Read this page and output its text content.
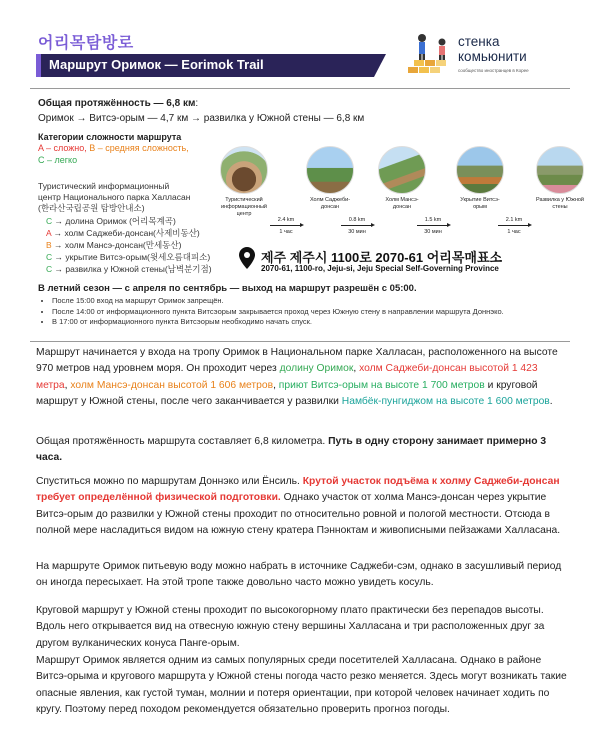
어리목탐방로
Маршрут Оримок — Eorimok Trail
стенка
комьюнити
сообщество иностранцев в Корее
Общая протяжённость — 6,8 км:
Оримок → Витсэ-орым — 4,7 км → развилка у Южной стены — 6,8 км
Категории сложности маршрута
A – сложно, B – средняя сложность,
C – легко
Туристический информационный
центр Национального парка Халласан
(한라산국립공원 탐방안내소)
C → долина Оримок (어리목계곡)
A → холм Саджеби-донсан(사제비동산)
B → холм Мансэ-донсан(만세동산)
C → укрытие Витсэ-орым(윗세오름대피소)
C → развилка у Южной стены(남벽분기점)
Туристический
информационный
центр
2.4 km
1 час
Холм Саджеби-
донсан
0.8 km
30 мин
Холм Мансэ-
донсан
1.5 km
30 мин
Укрытие Витсэ-
орым
2.1 km
1 час
Развилка у Южной
стены
제주 제주시 1100로 2070-61 어리목매표소
2070-61, 1100-ro, Jeju-si, Jeju Special Self-Governing Province
В летний сезон — с апреля по сентябрь — выход на маршрут разрешён с 05:00.
• После 15:00 вход на маршрут Оримок запрещён.
• После 14:00 от информационного пункта Витсэорым закрывается проход через Южную стену в направлении маршрута Доннэко.
• В 17:00 от информационного пункта Витсэорым необходимо начать спуск.

Маршрут начинается у входа на тропу Оримок в Национальном парке Халласан, расположенного на высоте 970 метров над уровнем моря. Он проходит через долину Оримок, холм Саджеби-донсан высотой 1 423 метра, холм Мансэ-донсан высотой 1 606 метров, приют Витсэ-орым на высоте 1 700 метров и круговой маршрут у Южной стены, после чего заканчивается у развилки Намбёк-пунгиджом на высоте 1 600 метров.

Общая протяжённость маршрута составляет 6,8 километра. Путь в одну сторону занимает примерно 3 часа.

Спуститься можно по маршрутам Доннэко или Ёнсиль. Крутой участок подъёма к холму Саджеби-донсан требует определённой физической подготовки. Однако участок от холма Мансэ-донсан через укрытие Витсэ-орым до развилки у Южной стены проходит по относительно ровной и пологой местности. Отсюда в полной мере насладиться видом на южную стену кратера Пэнноктам и живописными пейзажами Халласана.

На маршруте Оримок питьевую воду можно набрать в источнике Саджеби-сэм, однако в засушливый период он иногда пересыхает. На этой тропе также довольно часто можно увидеть косуль.

Круговой маршрут у Южной стены проходит по высокогорному плато практически без перепадов высоты. Вдоль него открывается вид на отвесную южную стену вершины Халласана и три расположенных друг за другом вулканических конуса Панге-орым.

Маршрут Оримок является одним из самых популярных среди посетителей Халласана. Однако в районе Витсэ-орыма и кругового маршрута у Южной стены погода часто резко меняется. Здесь могут возникать такие опасные явления, как густой туман, молнии и потеря ориентации, при которой человек начинает ходить по кругу. Поэтому перед походом рекомендуется обязательно проверить прогноз погоды.
